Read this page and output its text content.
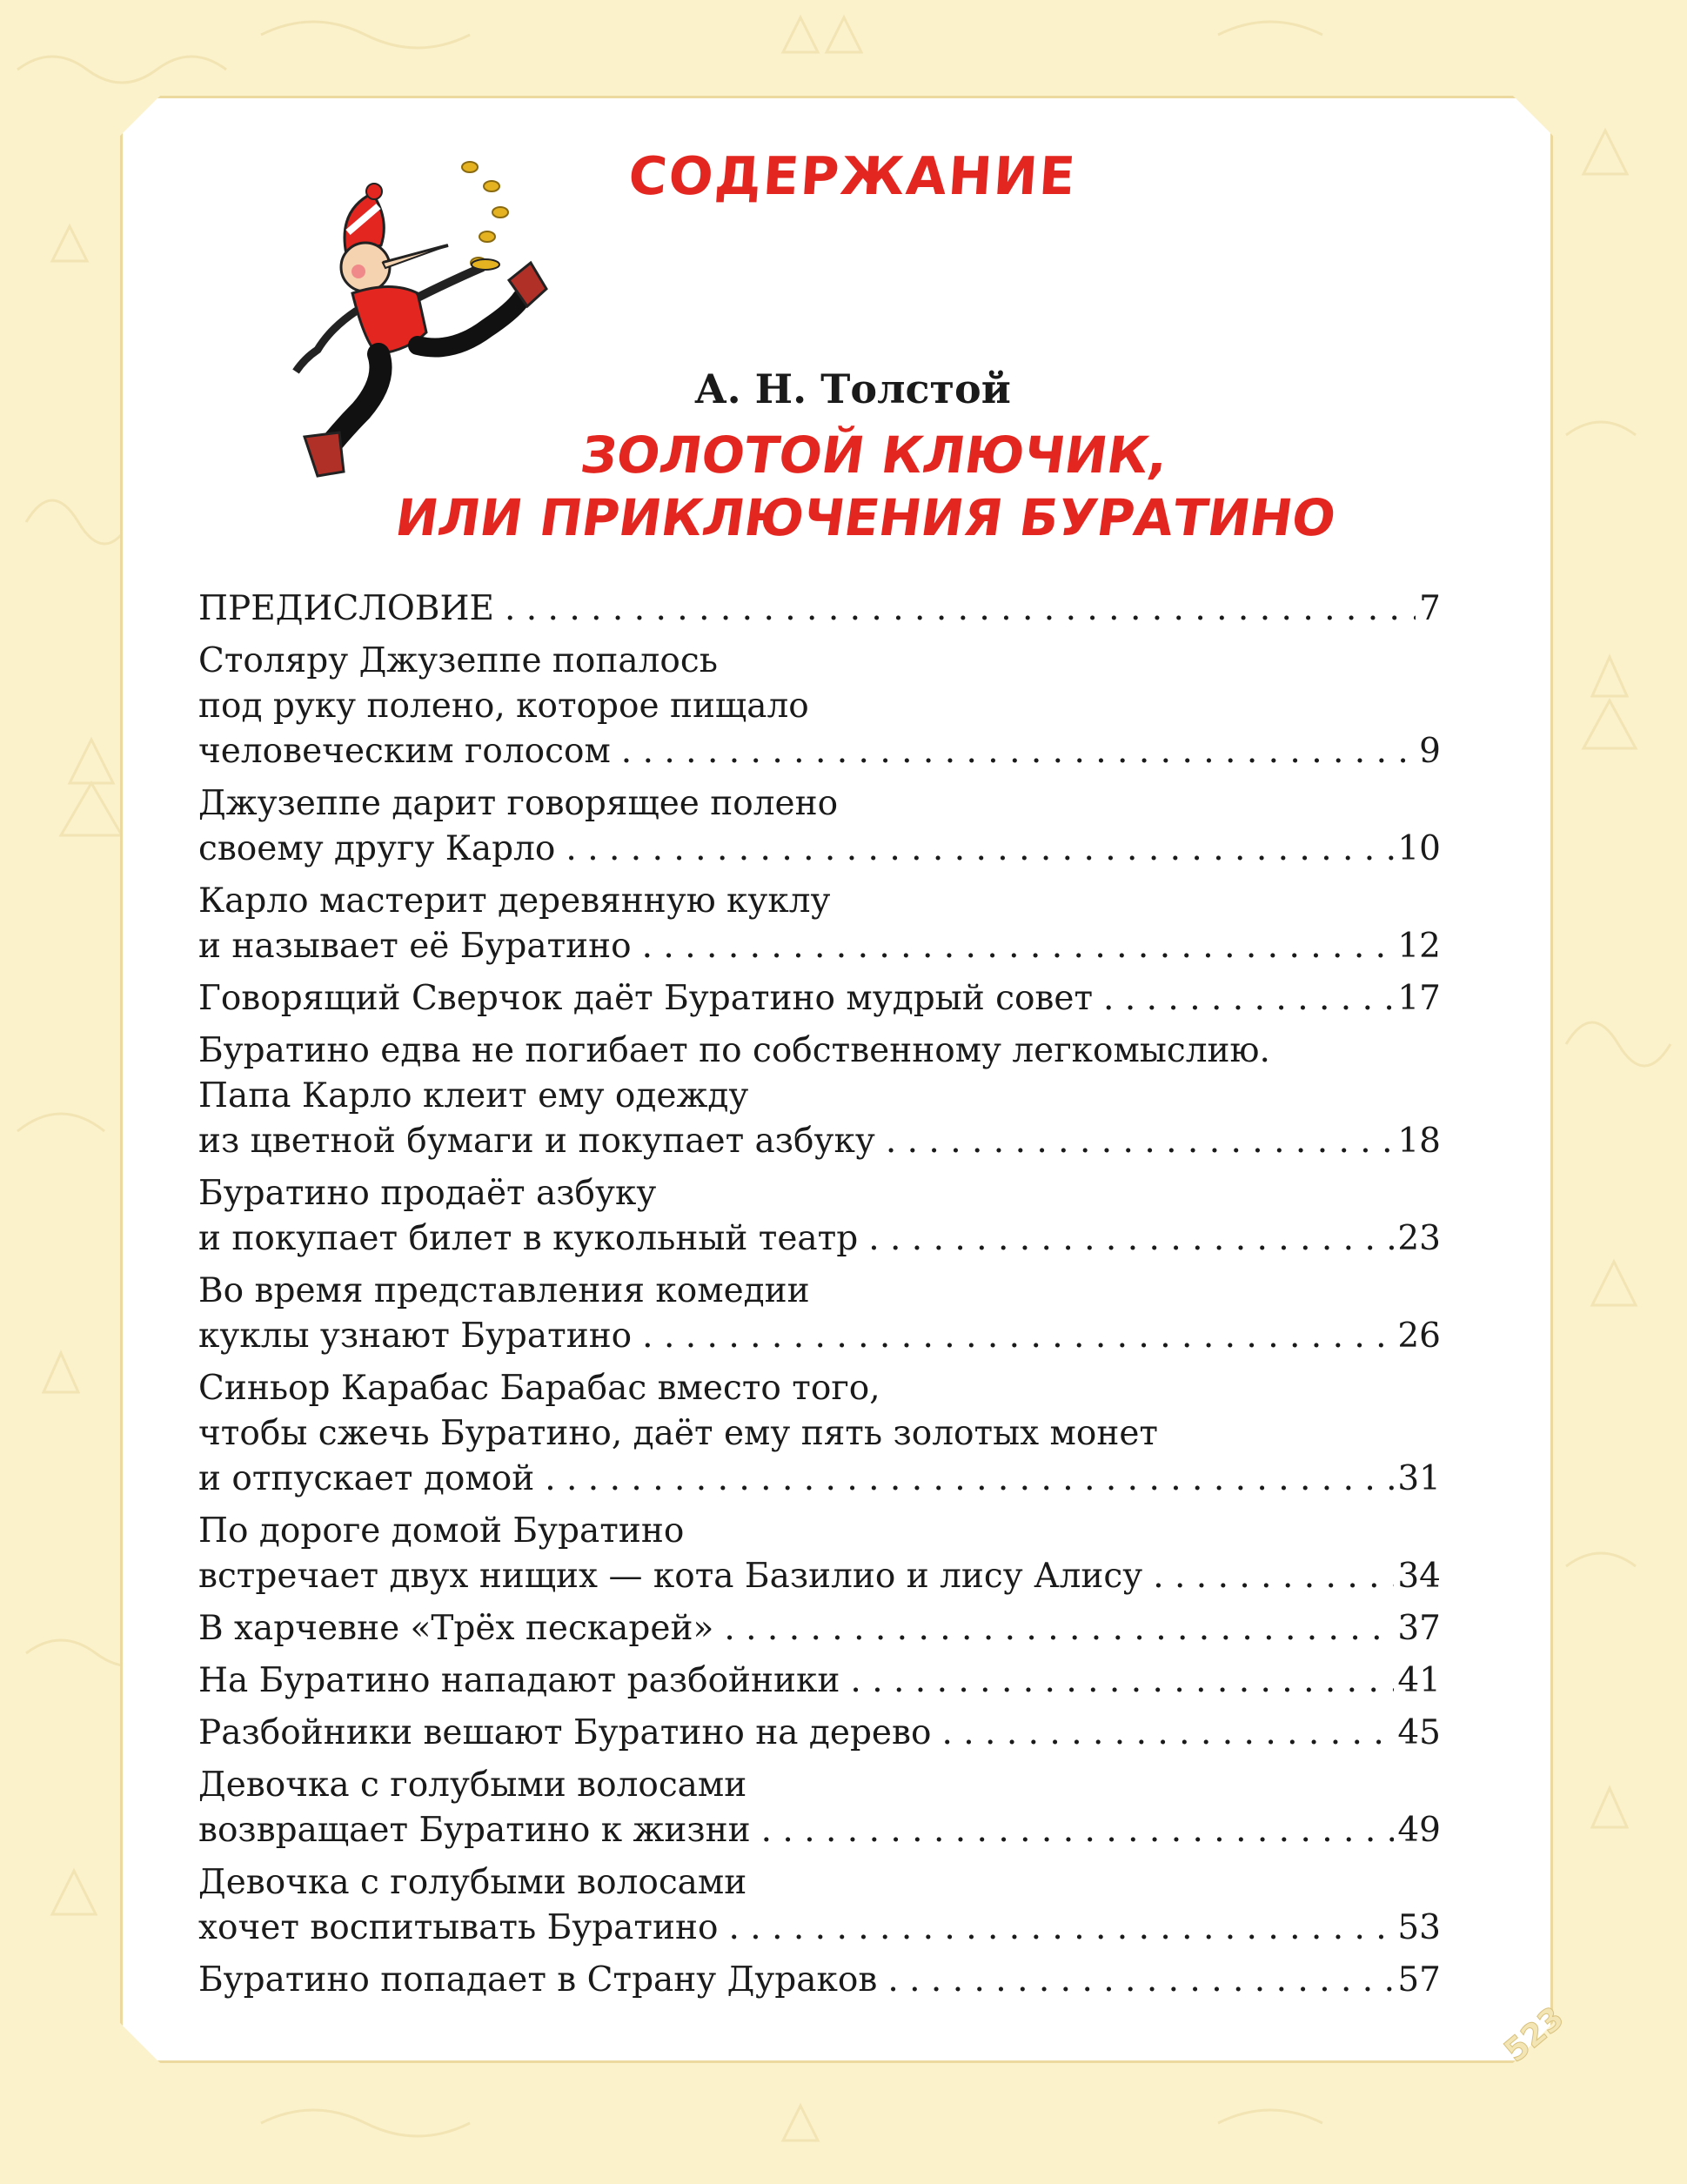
СОДЕРЖАНИЕ
А. Н. Толстой
ЗОЛОТОЙ КЛЮЧИК,
ИЛИ ПРИКЛЮЧЕНИЯ БУРАТИНО
ПРЕДИСЛОВИЕ . . .	7
Столяру Джузеппе попалось
под руку полено, которое пищало
человеческим голосом . . .	9
Джузеппе дарит говорящее полено
своему другу Карло . . .	10
Карло мастерит деревянную куклу
и называет её Буратино . . .	12
Говорящий Сверчок даёт Буратино мудрый совет . . .	17
Буратино едва не погибает по собственному легкомыслию.
Папа Карло клеит ему одежду
из цветной бумаги и покупает азбуку . . .	18
Буратино продаёт азбуку
и покупает билет в кукольный театр . . .	23
Во время представления комедии
куклы узнают Буратино . . .	26
Синьор Карабас Барабас вместо того,
чтобы сжечь Буратино, даёт ему пять золотых монет
и отпускает домой . . .	31
По дороге домой Буратино
встречает двух нищих — кота Базилио и лису Алису . . .	34
В харчевне «Трёх пескарей» . . .	37
На Буратино нападают разбойники . . .	41
Разбойники вешают Буратино на дерево . . .	45
Девочка с голубыми волосами
возвращает Буратино к жизни . . .	49
Девочка с голубыми волосами
хочет воспитывать Буратино . . .	53
Буратино попадает в Страну Дураков . . .	57
523
